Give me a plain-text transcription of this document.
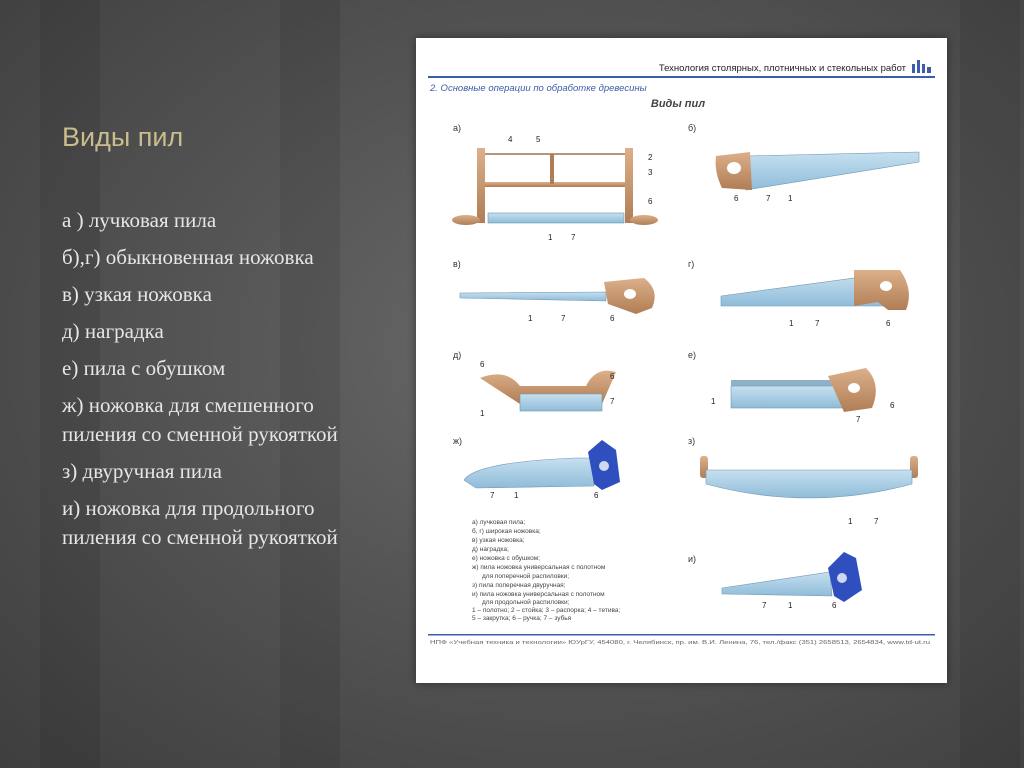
Виды пил
а ) лучковая пила
б),г) обыкновенная ножовка
в) узкая ножовка
д) наградка
е) пила с обушком
ж) ножовка для смешенного пиления со сменной рукояткой
з) двуручная пила
и) ножовка для продольного пиления со сменной рукояткой
Технология столярных, плотничных и стекольных работ
2. Основные операции по обработке древесины
Виды пил
а)
4	5
2
3
6
1 7
б)
6	7 1
в)
1	7	6
г)
1	7	6
д)
6
6
1
7
е)
1	6
7
ж)
7 1	6
з)
1	7
а) лучковая пила;
б, г) широкая ножовка;
в) узкая ножовка;
д) наградка;
е) ножовка с обушком;
ж) пила ножовка универсальная с полотном
для поперечной распиловки;
з) пила поперечная двуручная;
и) пила ножовка универсальная с полотном
для продольной распиловки;
1 – полотно; 2 – стойка; 3 – распорка; 4 – тетива;
5 – закрутка; 6 – ручка; 7 – зубья
и)
7	1	6
НПФ «Учебная техника и технологии» ЮУрГУ, 454080, г. Челябинск, пр. им. В.И. Ленина, 76, тел./факс (351) 2658513, 2654834, www.td-ut.ru
